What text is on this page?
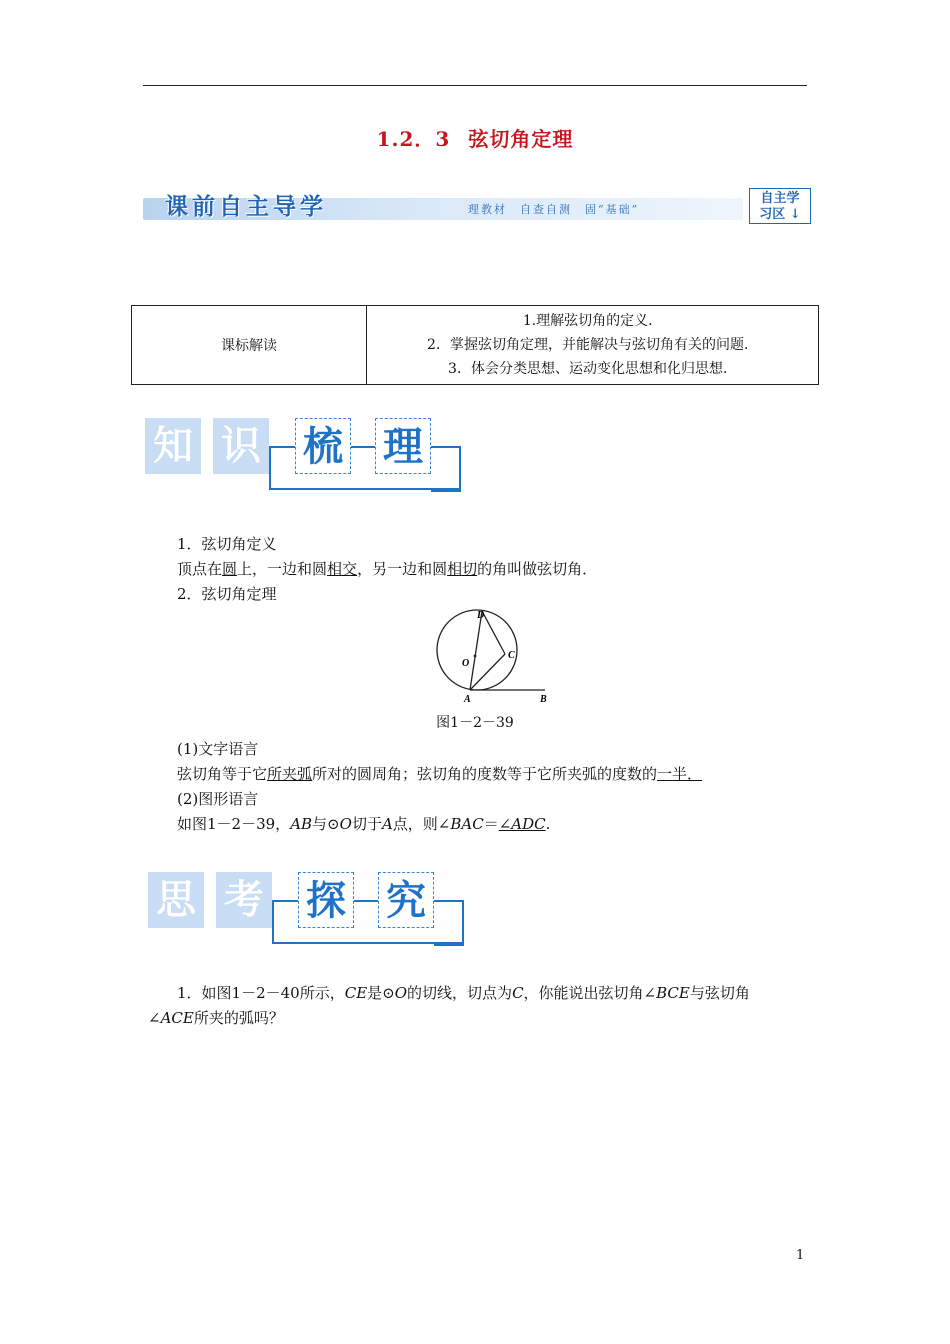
1.2．3 弦切角定理
课前自主导学	理教材　自查自测　固“基础”
自主学
习区 ↓
课标解读	
1.理解弦切角的定义．
2．掌握弦切角定理，并能解决与弦切角有关的问题．
3．体会分类思想、运动变化思想和化归思想．
知 识 梳 理
1．弦切角定义
顶点在圆上，一边和圆相交，另一边和圆相切的角叫做弦切角．
2．弦切角定理
D
O
C
A	B
图1－2－39
(1)文字语言
弦切角等于它所夹弧所对的圆周角；弦切角的度数等于它所夹弧的度数的一半．
(2)图形语言
如图1－2－39，AB与⊙O切于A点，则∠BAC＝∠ADC.
思 考 探 究
1．如图1－2－40所示，CE是⊙O的切线，切点为C，你能说出弦切角∠BCE与弦切角
∠ACE所夹的弧吗？
1
